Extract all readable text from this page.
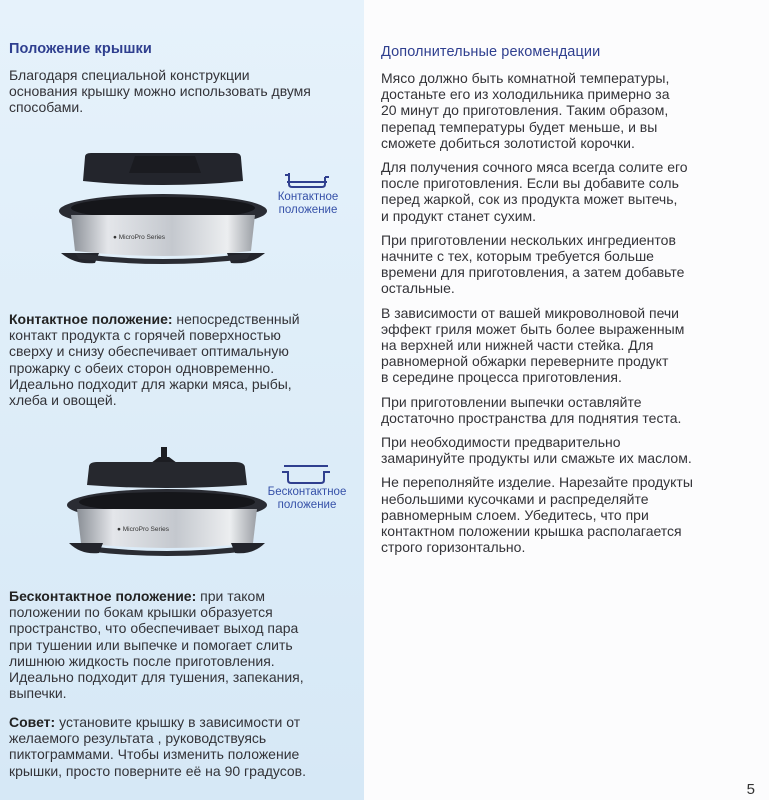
Положение крышки
Благодаря специальной конструкции
основания крышку можно использовать двумя
способами.
● MicroPro Series
Контактное
положение
Контактное положение: непосредственный
контакт продукта с горячей поверхностью
сверху и снизу обеспечивает оптимальную
прожарку с обеих сторон одновременно.
Идеально подходит для жарки мяса, рыбы,
хлеба и овощей.
● MicroPro Series
Бесконтактное
положение
Бесконтактное положение: при таком
положении по бокам крышки образуется
пространство, что обеспечивает выход пара
при тушении или выпечке и помогает слить
лишнюю жидкость после приготовления.
Идеально подходит для тушения, запекания,
выпечки.
Совет: установите крышку в зависимости от
желаемого результата , руководствуясь
пиктограммами. Чтобы изменить положение
крышки, просто поверните её на 90 градусов.
Дополнительные рекомендации
Мясо должно быть комнатной температуры,
достаньте его из холодильника примерно за
20 минут до приготовления. Таким образом,
перепад температуры будет меньше, и вы
сможете добиться золотистой корочки.
Для получения сочного мяса всегда солите его
после приготовления. Если вы добавите соль
перед жаркой, сок из продукта может вытечь,
и продукт станет сухим.
При приготовлении нескольких ингредиентов
начните с тех, которым требуется больше
времени для приготовления, а затем добавьте
остальные.
В зависимости от вашей микроволновой печи
эффект гриля может быть более выраженным
на верхней или нижней части стейка. Для
равномерной обжарки переверните продукт
в середине процесса приготовления.
При приготовлении выпечки оставляйте
достаточно пространства для поднятия теста.
При необходимости предварительно
замаринуйте продукты или смажьте их маслом.
Не переполняйте изделие. Нарезайте продукты
небольшими кусочками и распределяйте
равномерным слоем. Убедитесь, что при
контактном положении крышка располагается
строго горизонтально.
5
